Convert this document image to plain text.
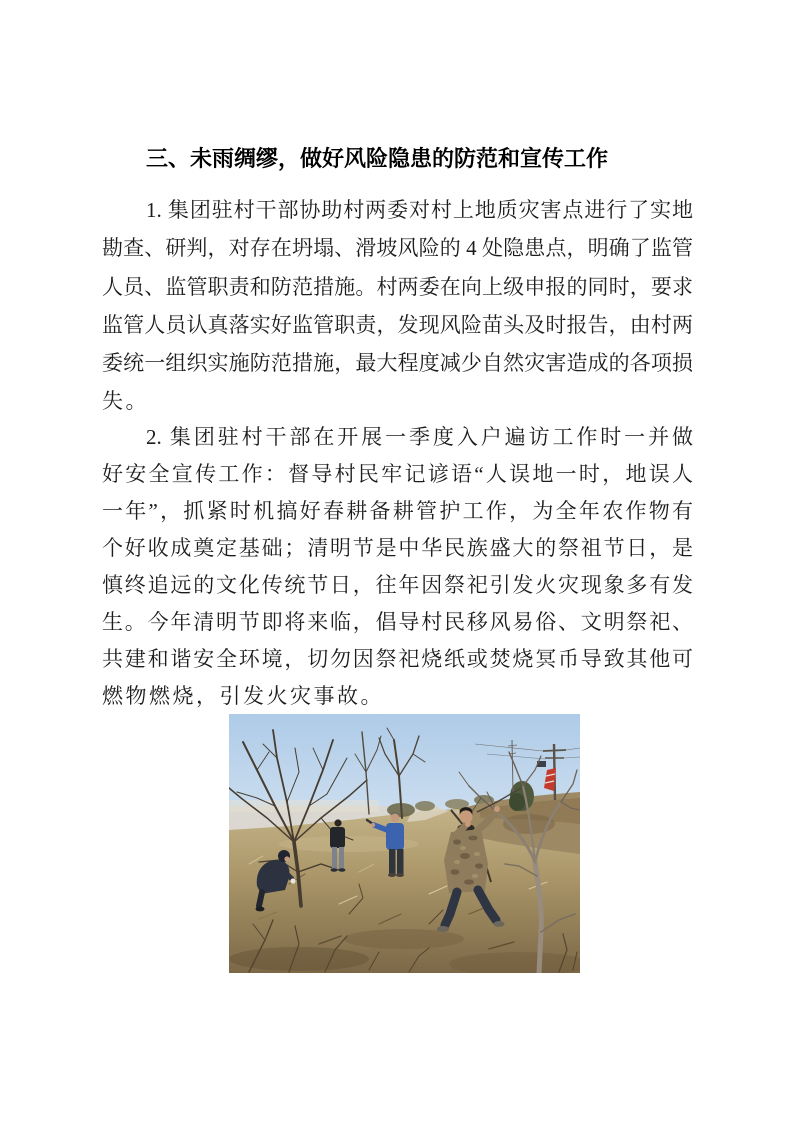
三、未雨绸缪，做好风险隐患的防范和宣传工作
1. 集团驻村干部协助村两委对村上地质灾害点进行了实地
勘查、研判，对存在坍塌、滑坡风险的 4 处隐患点，明确了监管
人员、监管职责和防范措施。村两委在向上级申报的同时，要求
监管人员认真落实好监管职责，发现风险苗头及时报告，由村两
委统一组织实施防范措施，最大程度减少自然灾害造成的各项损
失。
2. 集团驻村干部在开展一季度入户遍访工作时一并做
好安全宣传工作：督导村民牢记谚语“人误地一时，地误人
一年”，抓紧时机搞好春耕备耕管护工作，为全年农作物有
个好收成奠定基础；清明节是中华民族盛大的祭祖节日，是
慎终追远的文化传统节日，往年因祭祀引发火灾现象多有发
生。今年清明节即将来临，倡导村民移风易俗、文明祭祀、
共建和谐安全环境，切勿因祭祀烧纸或焚烧冥币导致其他可
燃物燃烧，引发火灾事故。
